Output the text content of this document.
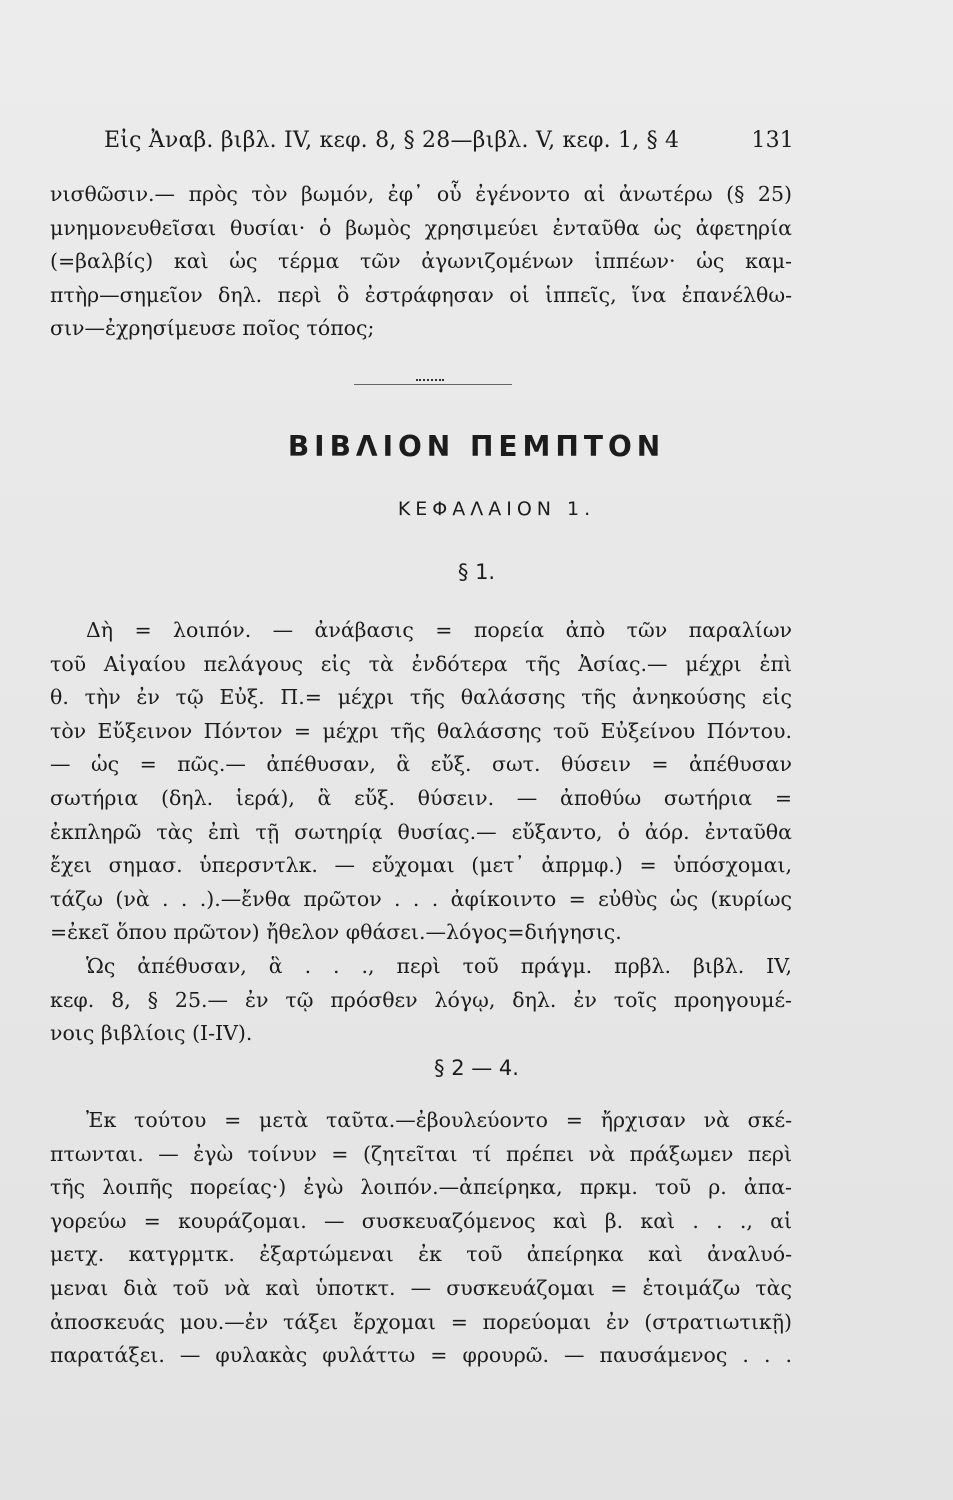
Εἰς Ἀναβ. βιβλ. IV, κεφ. 8, § 28—βιβλ. V, κεφ. 1, § 4	131
νισθῶσιν.— πρὸς τὸν βωμόν, ἐφ᾿ οὗ ἐγένοντο αἱ ἀνωτέρω (§ 25)
μνημονευθεῖσαι θυσίαι· ὁ βωμὸς χρησιμεύει ἐνταῦθα ὡς ἀφετηρία
(=βαλβίς) καὶ ὡς τέρμα τῶν ἀγωνιζομένων ἱππέων· ὡς καμ-
πτὴρ—σημεῖον δηλ. περὶ ὃ ἐστράφησαν οἱ ἱππεῖς, ἵνα ἐπανέλθω-
σιν—ἐχρησίμευσε ποῖος τόπος;
ΒΙΒΛΙΟΝ ΠΕΜΠΤΟΝ
ΚΕΦΑΛΑΙΟΝ 1.
§ 1.
Δὴ = λοιπόν. — ἀνάβασις = πορεία ἀπὸ τῶν παραλίων
τοῦ Αἰγαίου πελάγους εἰς τὰ ἐνδότερα τῆς Ἀσίας.— μέχρι ἐπὶ
θ. τὴν ἐν τῷ Εὐξ. Π.= μέχρι τῆς θαλάσσης τῆς ἀνηκούσης εἰς
τὸν Εὔξεινον Πόντον = μέχρι τῆς θαλάσσης τοῦ Εὐξείνου Πόντου.
— ὡς = πῶς.— ἀπέθυσαν, ἃ εὔξ. σωτ. θύσειν = ἀπέθυσαν
σωτήρια (δηλ. ἱερά), ἃ εὔξ. θύσειν. — ἀποθύω σωτήρια =
ἐκπληρῶ τὰς ἐπὶ τῇ σωτηρίᾳ θυσίας.— εὔξαντο, ὁ ἀόρ. ἐνταῦθα
ἔχει σημασ. ὑπερσντλκ. — εὔχομαι (μετ᾿ ἀπρμφ.) = ὑπόσχομαι,
τάζω (νὰ . . .).—ἔνθα πρῶτον . . . ἀφίκοιντο = εὐθὺς ὡς (κυρίως
=ἐκεῖ ὅπου πρῶτον) ἤθελον φθάσει.—λόγος=διήγησις.
Ὡς ἀπέθυσαν, ἃ . . ., περὶ τοῦ πράγμ. πρβλ. βιβλ. IV,
κεφ. 8, § 25.— ἐν τῷ πρόσθεν λόγῳ, δηλ. ἐν τοῖς προηγουμέ-
νοις βιβλίοις (I-IV).
§ 2 — 4.
Ἐκ τούτου = μετὰ ταῦτα.—ἐβουλεύοντο = ἤρχισαν νὰ σκέ-
πτωνται. — ἐγὼ τοίνυν = (ζητεῖται τί πρέπει νὰ πράξωμεν περὶ
τῆς λοιπῆς πορείας·) ἐγὼ λοιπόν.—ἀπείρηκα, πρκμ. τοῦ ρ. ἀπα-
γορεύω = κουράζομαι. — συσκευαζόμενος καὶ β. καὶ . . ., αἱ
μετχ. κατγρμτκ. ἐξαρτώμεναι ἐκ τοῦ ἀπείρηκα καὶ ἀναλυό-
μεναι διὰ τοῦ νὰ καὶ ὑποτκτ. — συσκευάζομαι = ἑτοιμάζω τὰς
ἀποσκευάς μου.—ἐν τάξει ἔρχομαι = πορεύομαι ἐν (στρατιωτικῇ)
παρατάξει. — φυλακὰς φυλάττω = φρουρῶ. — παυσάμενος . . .
